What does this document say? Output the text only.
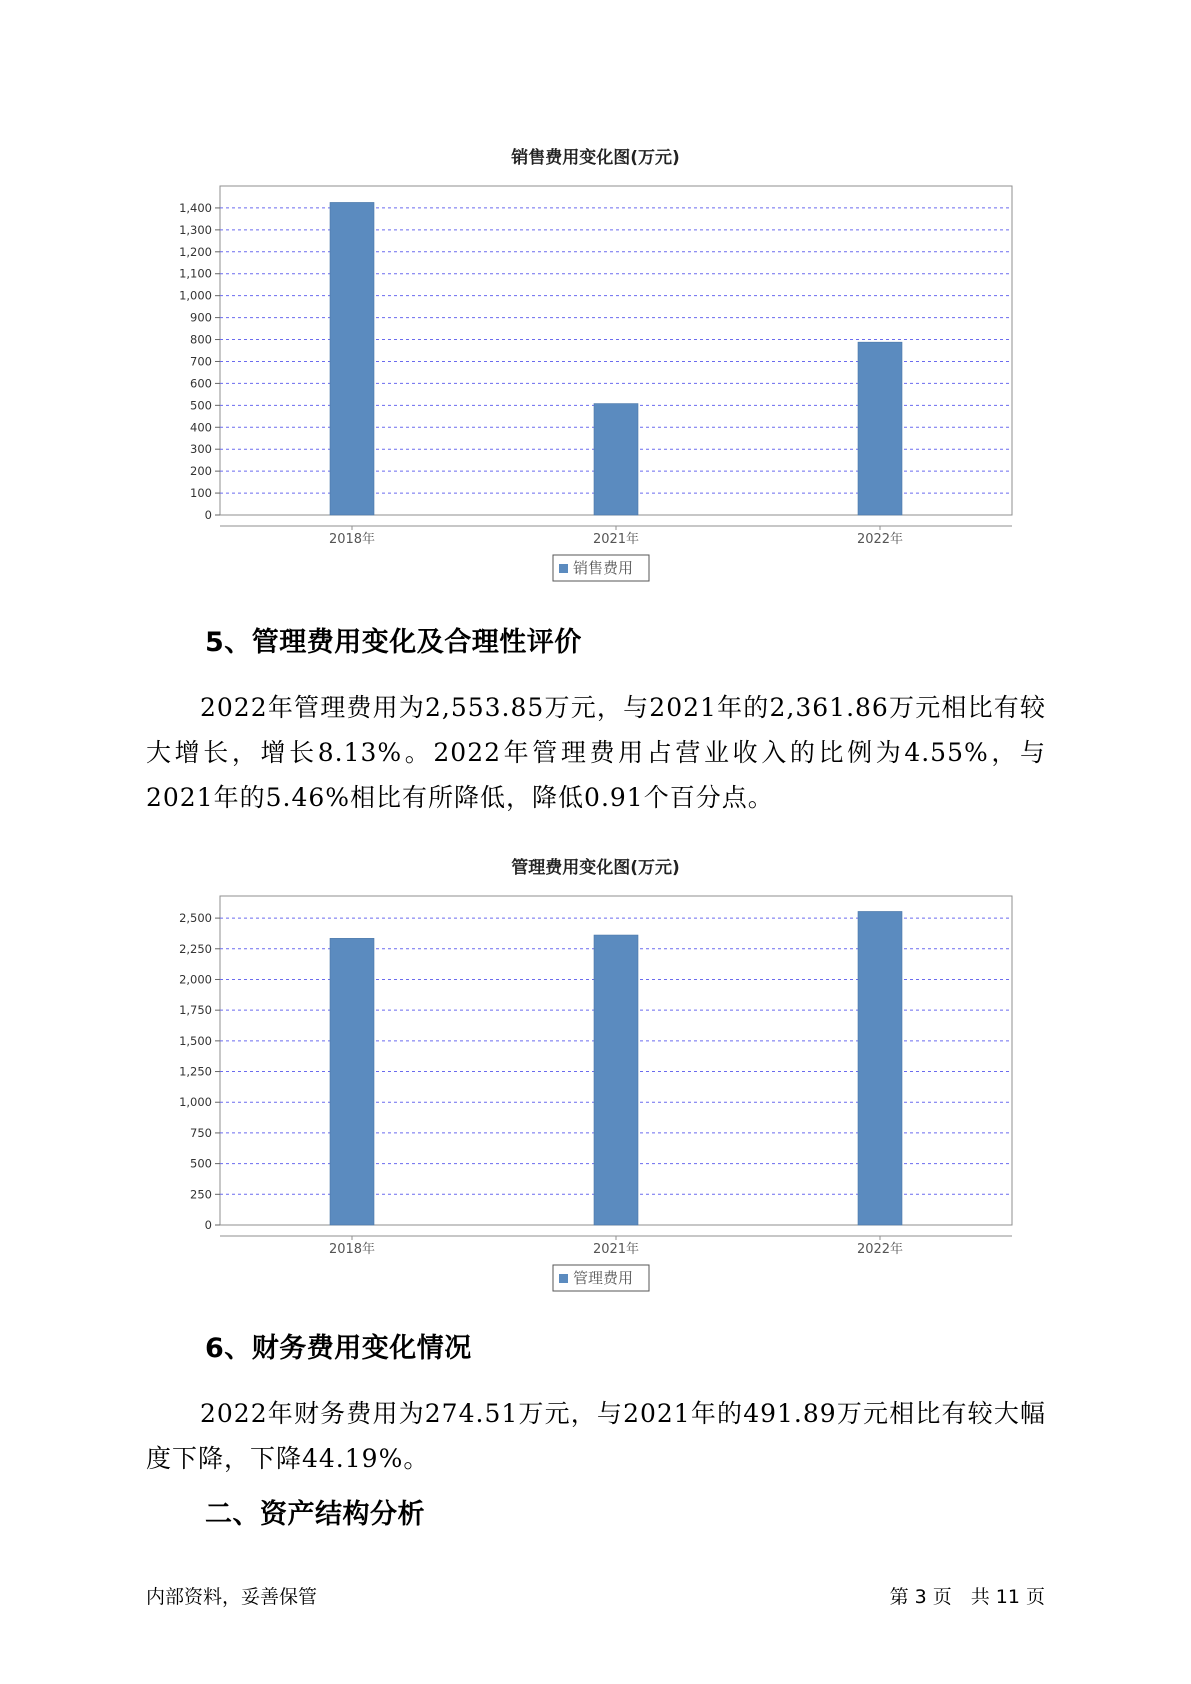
销售费用变化图(万元)
0
100
200
300
400
500
600
700
800
900
1,000
1,100
1,200
1,300
1,400
2018年	2021年	2022年
销售费用
5、管理费用变化及合理性评价

2022年管理费用为2,553.85万元，与2021年的2,361.86万元相比有较大增长，增长8.13%。2022年管理费用占营业收入的比例为4.55%，与2021年的5.46%相比有所降低，降低0.91个百分点。

管理费用变化图(万元)
0
250
500
750
1,000
1,250
1,500
1,750
2,000
2,250
2,500
2018年	2021年	2022年
管理费用
6、财务费用变化情况

2022年财务费用为274.51万元，与2021年的491.89万元相比有较大幅度下降，下降44.19%。

二、资产结构分析
内部资料，妥善保管	第 3 页　共 11 页
